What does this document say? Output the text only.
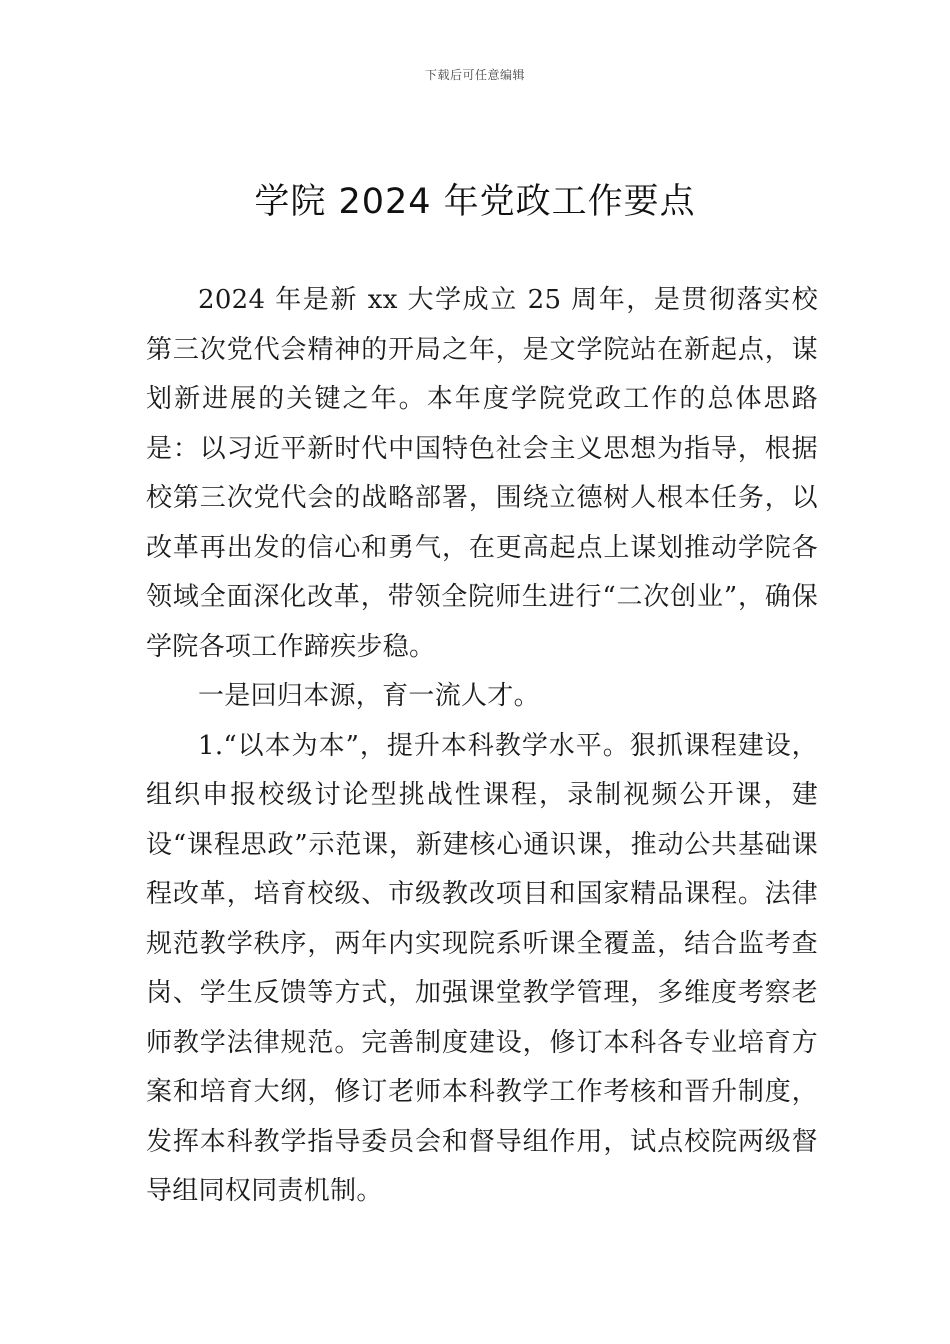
下载后可任意编辑
学院 2024 年党政工作要点

2024 年是新 xx 大学成立 25 周年，是贯彻落实校第三次党代会精神的开局之年，是文学院站在新起点，谋划新进展的关键之年。本年度学院党政工作的总体思路是：以习近平新时代中国特色社会主义思想为指导，根据校第三次党代会的战略部署，围绕立德树人根本任务，以改革再出发的信心和勇气，在更高起点上谋划推动学院各领域全面深化改革，带领全院师生进行“二次创业”，确保学院各项工作蹄疾步稳。

一是回归本源，育一流人才。

1.“以本为本”，提升本科教学水平。狠抓课程建设，组织申报校级讨论型挑战性课程，录制视频公开课，建设“课程思政”示范课，新建核心通识课，推动公共基础课程改革，培育校级、市级教改项目和国家精品课程。法律规范教学秩序，两年内实现院系听课全覆盖，结合监考查岗、学生反馈等方式，加强课堂教学管理，多维度考察老师教学法律规范。完善制度建设，修订本科各专业培育方案和培育大纲，修订老师本科教学工作考核和晋升制度，发挥本科教学指导委员会和督导组作用，试点校院两级督导组同权同责机制。
